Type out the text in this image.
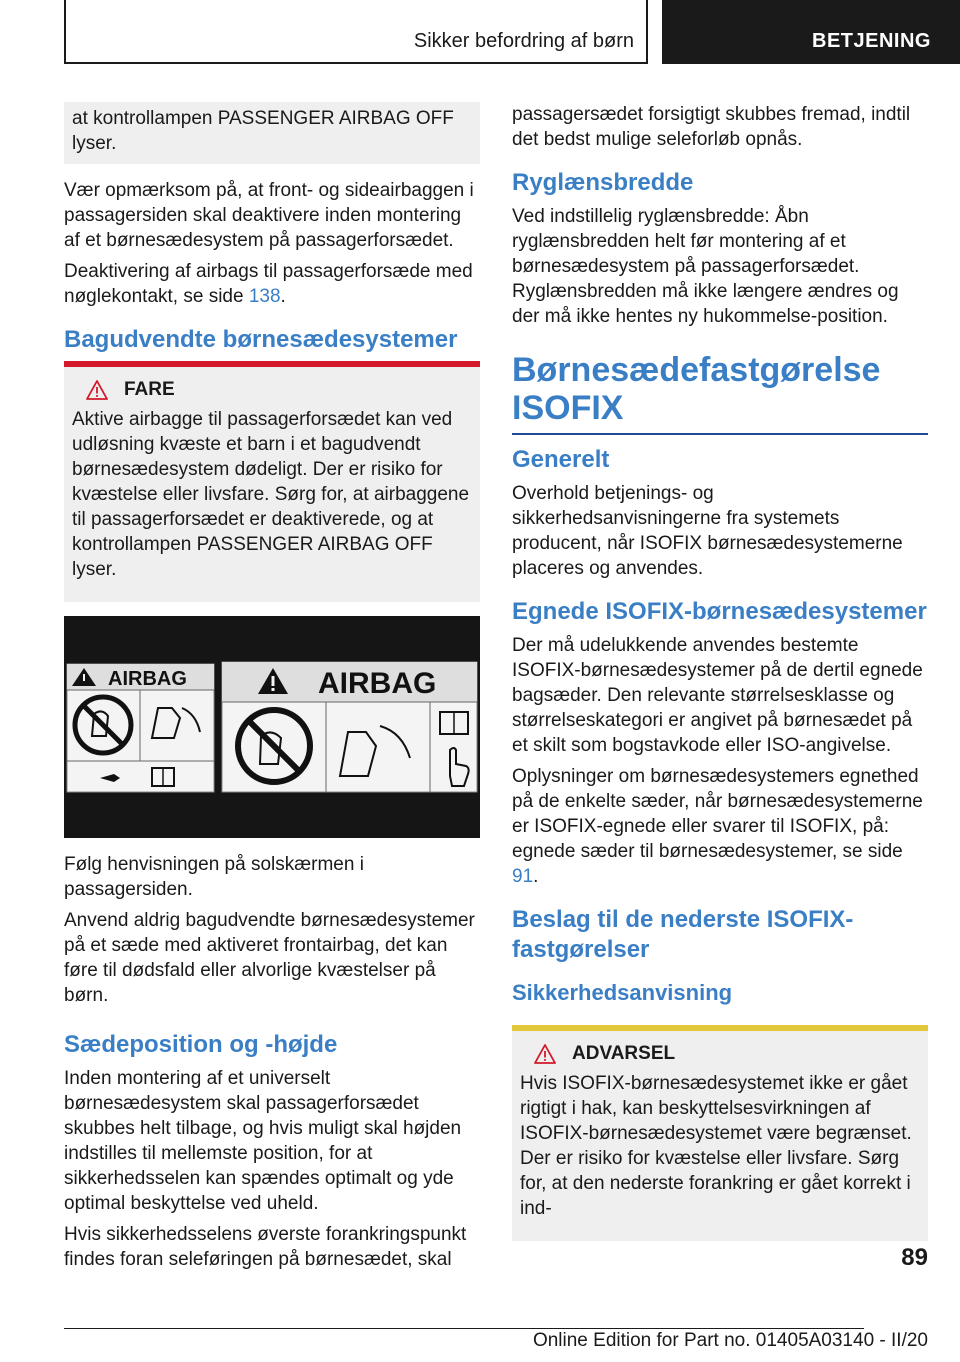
Sikker befordring af børn	BETJENING

at kontrollampen PASSENGER AIRBAG OFF lyser.

Vær opmærksom på, at front- og sideairbaggen i passagersiden skal deaktivere inden montering af et børnesædesystem på passagerforsædet.

Deaktivering af airbags til passagerforsæde med nøglekontakt, se side 138.

Bagudvendte børnesædesystemer
FARE

Aktive airbagge til passagerforsædet kan ved udløsning kvæste et barn i et bagudvendt børnesædesystem dødeligt. Der er risiko for kvæstelse eller livsfare. Sørg for, at airbaggene til passagerforsædet er deaktiverede, og at kontrollampen PASSENGER AIRBAG OFF lyser.

AIRBAG	AIRBAG

Følg henvisningen på solskærmen i passagersiden.

Anvend aldrig bagudvendte børnesædesystemer på et sæde med aktiveret frontairbag, det kan føre til dødsfald eller alvorlige kvæstelser på børn.

Sædeposition og -højde

Inden montering af et universelt børnesædesystem skal passagerforsædet skubbes helt tilbage, og hvis muligt skal højden indstilles til mellemste position, for at sikkerhedsselen kan spændes optimalt og yde optimal beskyttelse ved uheld.

Hvis sikkerhedsselens øverste forankringspunkt findes foran seleføringen på børnesædet, skal

passagersædet forsigtigt skubbes fremad, indtil det bedst mulige seleforløb opnås.

Ryglænsbredde

Ved indstillelig ryglænsbredde: Åbn ryglænsbredden helt før montering af et børnesædesystem på passagerforsædet. Ryglænsbredden må ikke længere ændres og der må ikke hentes ny hukommelse-position.

Børnesædefastgørelse ISOFIX
Generelt

Overhold betjenings- og sikkerhedsanvisningerne fra systemets producent, når ISOFIX børnesædesystemerne placeres og anvendes.

Egnede ISOFIX-børnesædesystemer

Der må udelukkende anvendes bestemte ISOFIX-børnesædesystemer på de dertil egnede bagsæder. Den relevante størrelsesklasse og størrelseskategori er angivet på børnesædet på et skilt som bogstavkode eller ISO-angivelse.

Oplysninger om børnesædesystemers egnethed på de enkelte sæder, når børnesædesystemerne er ISOFIX-egnede eller svarer til ISOFIX, på: egnede sæder til børnesædesystemer, se side 91.

Beslag til de nederste ISOFIX-fastgørelser
Sikkerhedsanvisning
ADVARSEL

Hvis ISOFIX-børnesædesystemet ikke er gået rigtigt i hak, kan beskyttelsesvirkningen af ISOFIX-børnesædesystemet være begrænset. Der er risiko for kvæstelse eller livsfare. Sørg for, at den nederste forankring er gået korrekt i ind-

89
Online Edition for Part no. 01405A03140 - II/20
